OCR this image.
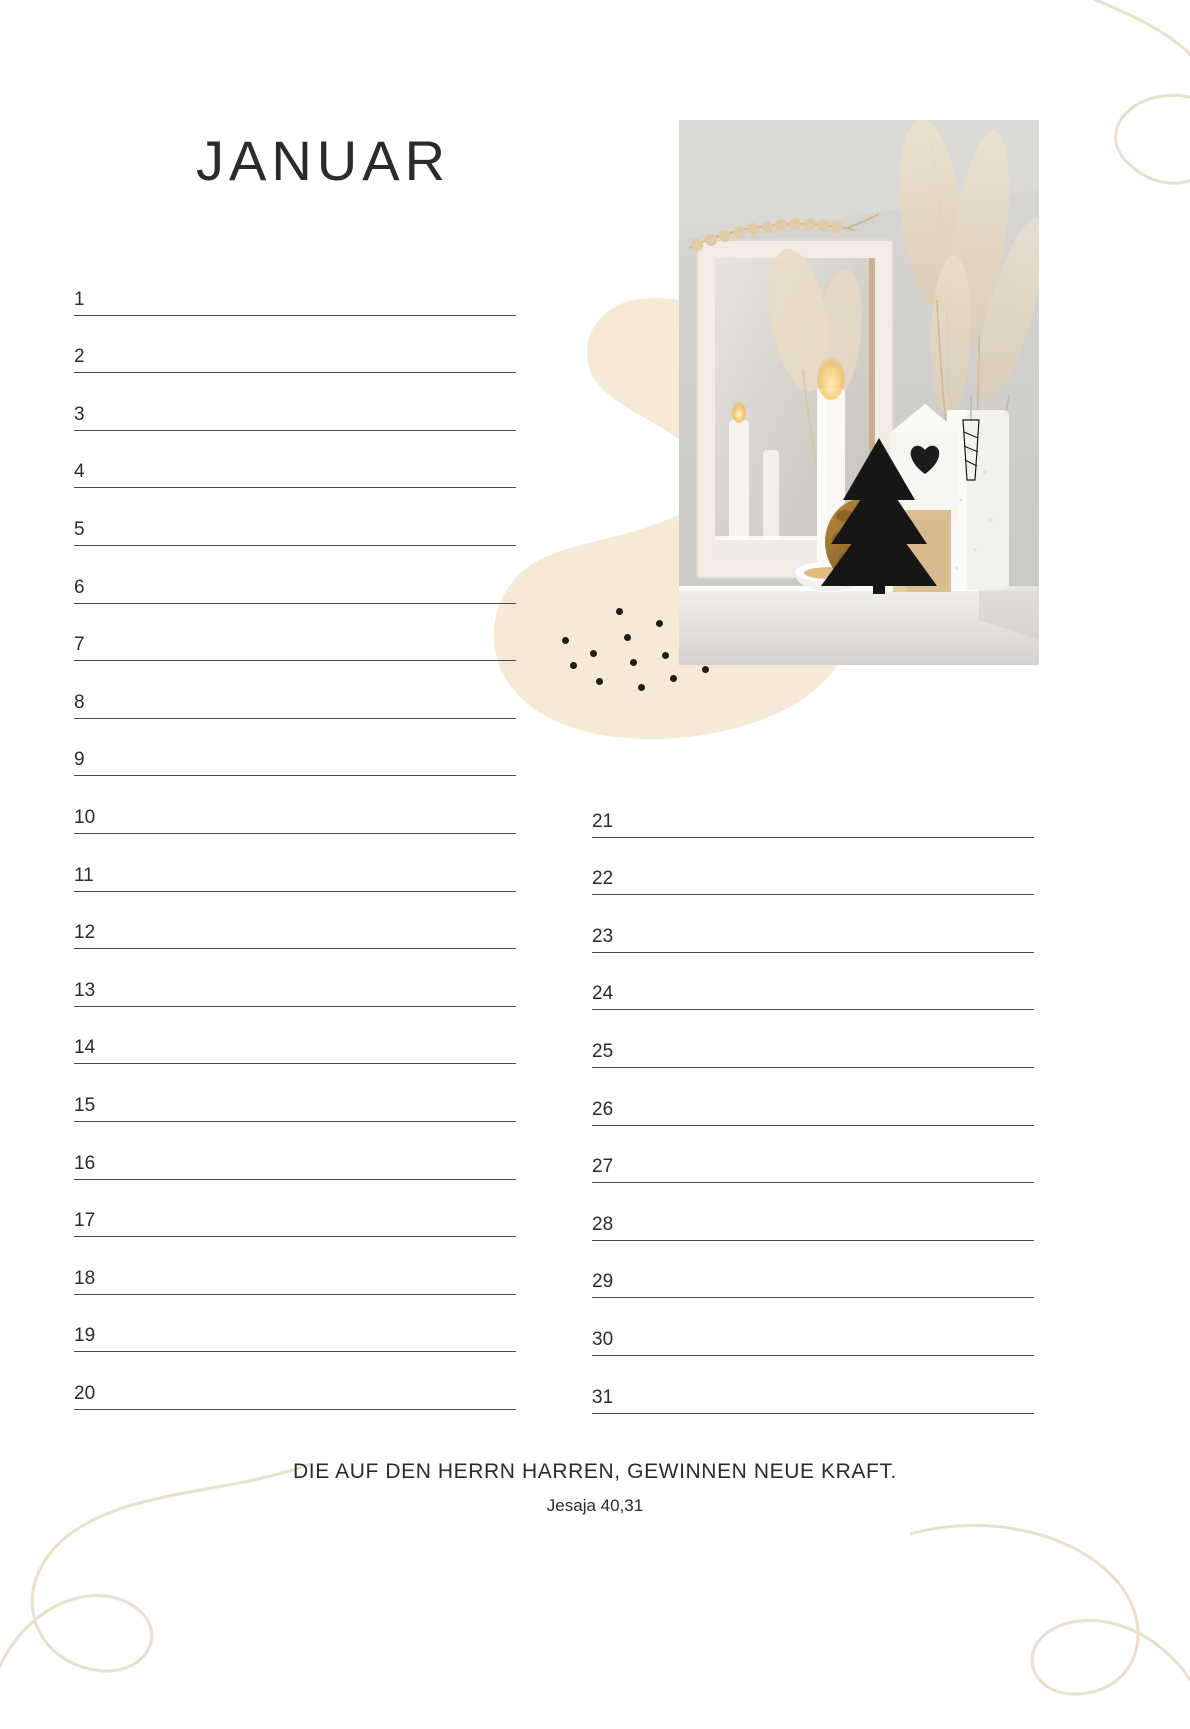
JANUAR
1
2
3
4
5
6
7
8
9
10
11
12
13
14
15
16
17
18
19
20
21
22
23
24
25
26
27
28
29
30
31
DIE AUF DEN HERRN HARREN, GEWINNEN NEUE KRAFT.
Jesaja 40,31
